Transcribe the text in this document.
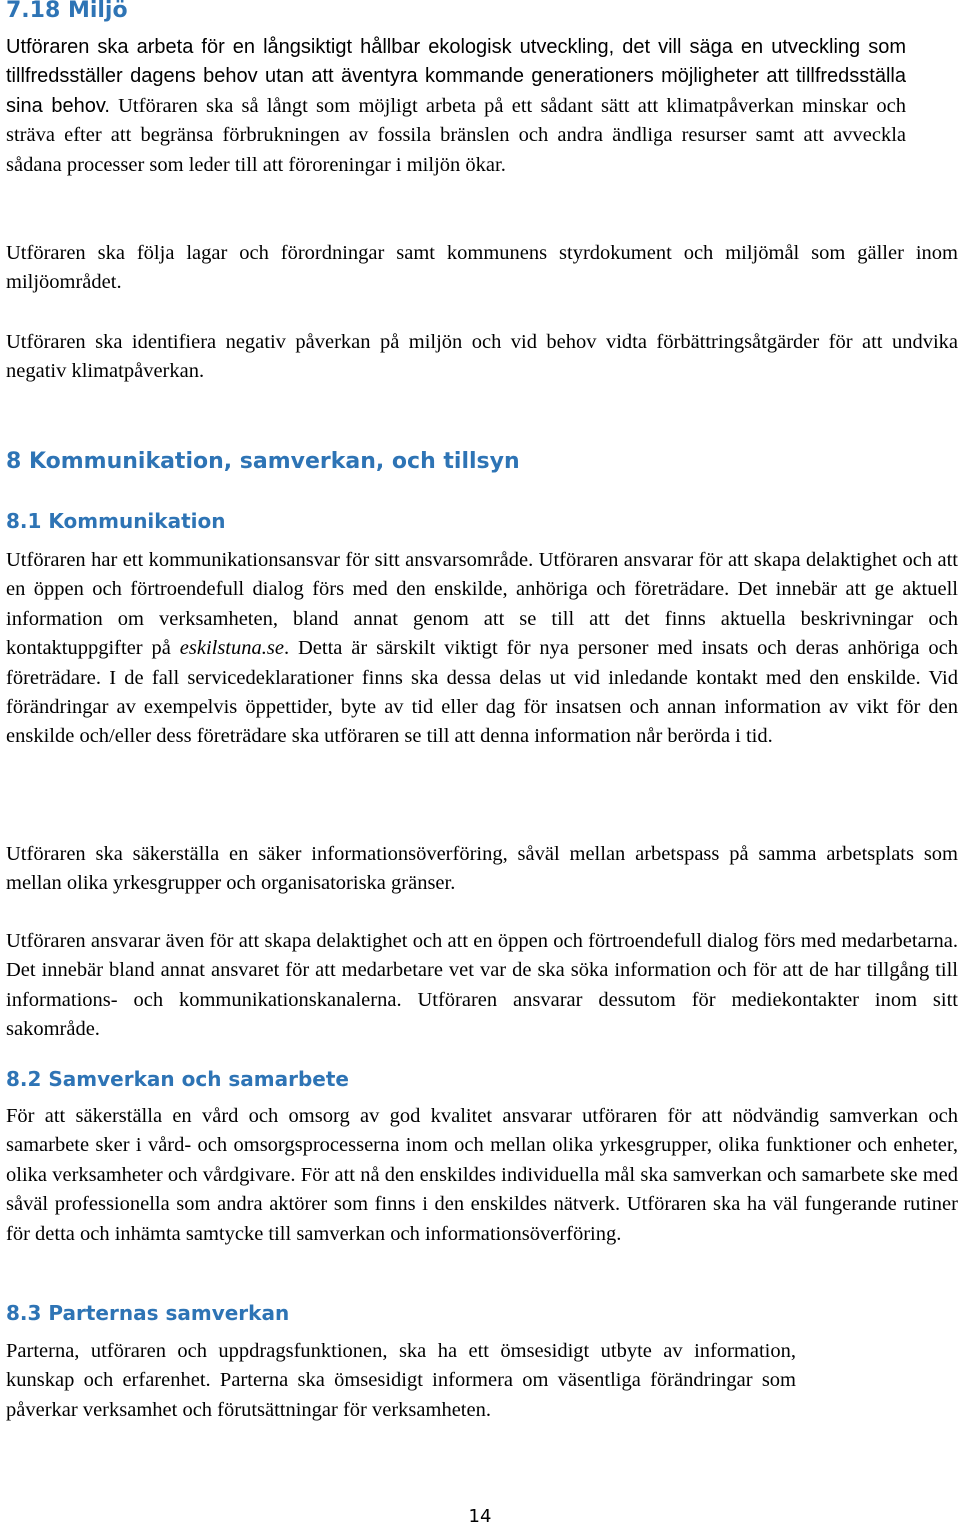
7.18 Miljö

Utföraren ska arbeta för en långsiktigt hållbar ekologisk utveckling, det vill säga en utveckling som tillfredsställer dagens behov utan att äventyra kommande generationers möjligheter att tillfredsställa sina behov. Utföraren ska så långt som möjligt arbeta på ett sådant sätt att klimatpåverkan minskar och sträva efter att begränsa förbrukningen av fossila bränslen och andra ändliga resurser samt att avveckla sådana processer som leder till att föroreningar i miljön ökar.

Utföraren ska följa lagar och förordningar samt kommunens styrdokument och miljömål som gäller inom miljöområdet.

Utföraren ska identifiera negativ påverkan på miljön och vid behov vidta förbättringsåtgärder för att undvika negativ klimatpåverkan.

8 Kommunikation, samverkan, och tillsyn
8.1 Kommunikation

Utföraren har ett kommunikationsansvar för sitt ansvarsområde. Utföraren ansvarar för att skapa delaktighet och att en öppen och förtroendefull dialog förs med den enskilde, anhöriga och företrädare. Det innebär att ge aktuell information om verksamheten, bland annat genom att se till att det finns aktuella beskrivningar och kontaktuppgifter på eskilstuna.se. Detta är särskilt viktigt för nya personer med insats och deras anhöriga och företrädare. I de fall servicedeklarationer finns ska dessa delas ut vid inledande kontakt med den enskilde. Vid förändringar av exempelvis öppettider, byte av tid eller dag för insatsen och annan information av vikt för den enskilde och/eller dess företrädare ska utföraren se till att denna information når berörda i tid.

Utföraren ska säkerställa en säker informationsöverföring, såväl mellan arbetspass på samma arbetsplats som mellan olika yrkesgrupper och organisatoriska gränser.

Utföraren ansvarar även för att skapa delaktighet och att en öppen och förtroendefull dialog förs med medarbetarna. Det innebär bland annat ansvaret för att medarbetare vet var de ska söka information och för att de har tillgång till informations- och kommunikationskanalerna. Utföraren ansvarar dessutom för mediekontakter inom sitt sakområde.

8.2 Samverkan och samarbete

För att säkerställa en vård och omsorg av god kvalitet ansvarar utföraren för att nödvändig samverkan och samarbete sker i vård- och omsorgsprocesserna inom och mellan olika yrkesgrupper, olika funktioner och enheter, olika verksamheter och vårdgivare. För att nå den enskildes individuella mål ska samverkan och samarbete ske med såväl professionella som andra aktörer som finns i den enskildes nätverk. Utföraren ska ha väl fungerande rutiner för detta och inhämta samtycke till samverkan och informationsöverföring.

8.3 Parternas samverkan

Parterna, utföraren och uppdragsfunktionen, ska ha ett ömsesidigt utbyte av information, kunskap och erfarenhet. Parterna ska ömsesidigt informera om väsentliga förändringar som påverkar verksamhet och förutsättningar för verksamheten.

14
